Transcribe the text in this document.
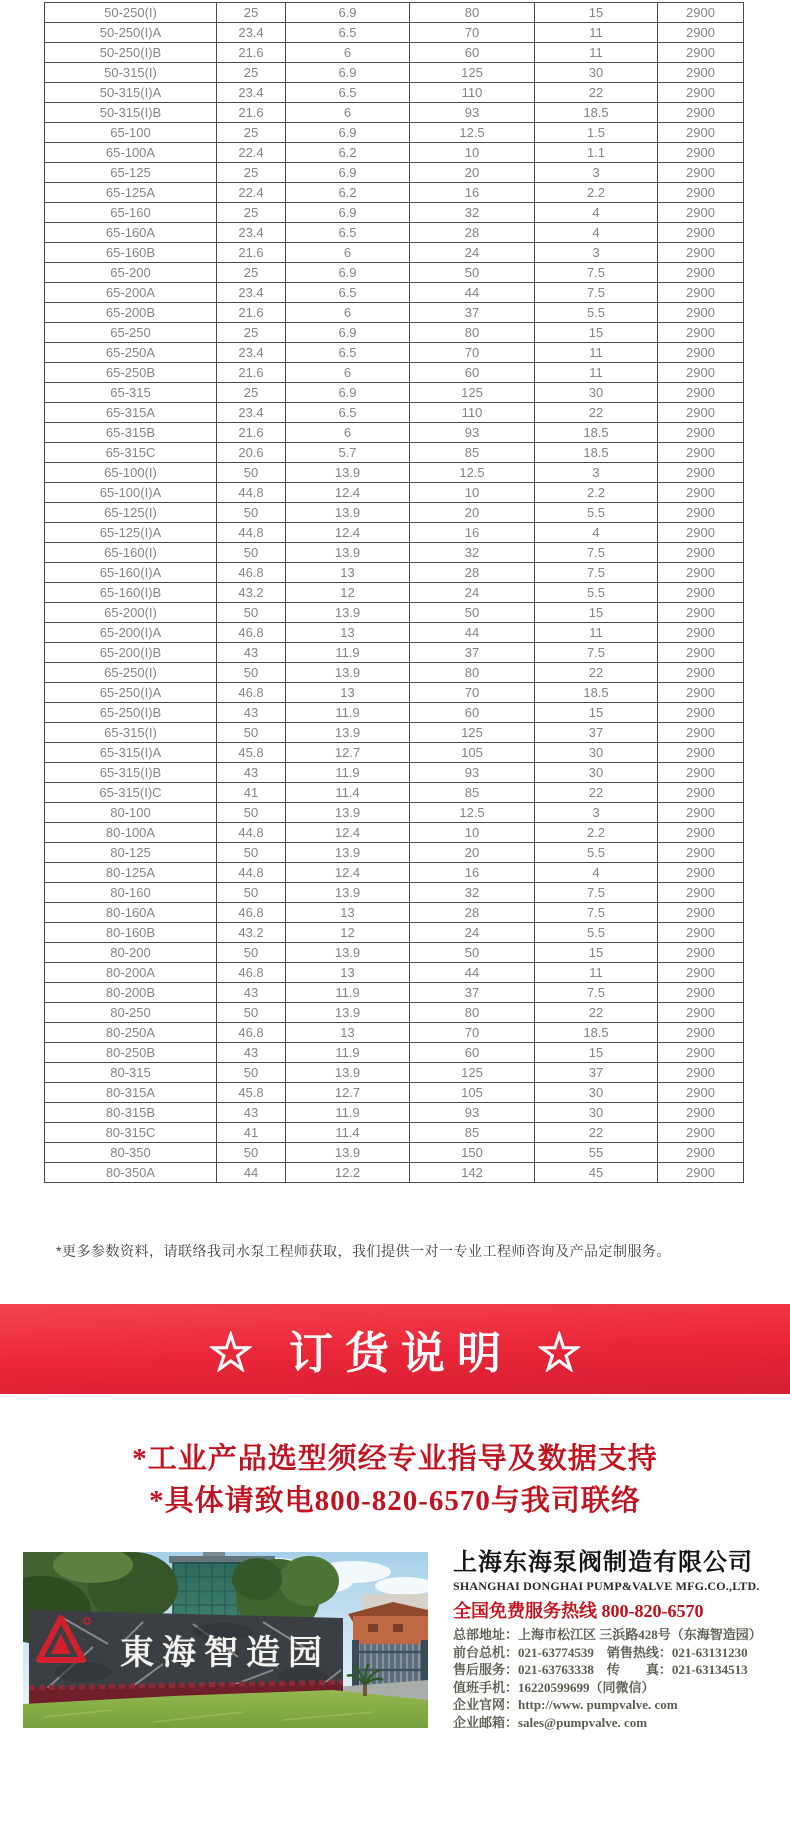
50-250(I)	25	6.9	80	15	2900
50-250(I)A	23.4	6.5	70	11	2900
50-250(I)B	21.6	6	60	11	2900
50-315(I)	25	6.9	125	30	2900
50-315(I)A	23.4	6.5	110	22	2900
50-315(I)B	21.6	6	93	18.5	2900
65-100	25	6.9	12.5	1.5	2900
65-100A	22.4	6.2	10	1.1	2900
65-125	25	6.9	20	3	2900
65-125A	22.4	6.2	16	2.2	2900
65-160	25	6.9	32	4	2900
65-160A	23.4	6.5	28	4	2900
65-160B	21.6	6	24	3	2900
65-200	25	6.9	50	7.5	2900
65-200A	23.4	6.5	44	7.5	2900
65-200B	21.6	6	37	5.5	2900
65-250	25	6.9	80	15	2900
65-250A	23.4	6.5	70	11	2900
65-250B	21.6	6	60	11	2900
65-315	25	6.9	125	30	2900
65-315A	23.4	6.5	110	22	2900
65-315B	21.6	6	93	18.5	2900
65-315C	20.6	5.7	85	18.5	2900
65-100(I)	50	13.9	12.5	3	2900
65-100(I)A	44.8	12.4	10	2.2	2900
65-125(I)	50	13.9	20	5.5	2900
65-125(I)A	44.8	12.4	16	4	2900
65-160(I)	50	13.9	32	7.5	2900
65-160(I)A	46.8	13	28	7.5	2900
65-160(I)B	43.2	12	24	5.5	2900
65-200(I)	50	13.9	50	15	2900
65-200(I)A	46.8	13	44	11	2900
65-200(I)B	43	11.9	37	7.5	2900
65-250(I)	50	13.9	80	22	2900
65-250(I)A	46.8	13	70	18.5	2900
65-250(I)B	43	11.9	60	15	2900
65-315(I)	50	13.9	125	37	2900
65-315(I)A	45.8	12.7	105	30	2900
65-315(I)B	43	11.9	93	30	2900
65-315(I)C	41	11.4	85	22	2900
80-100	50	13.9	12.5	3	2900
80-100A	44.8	12.4	10	2.2	2900
80-125	50	13.9	20	5.5	2900
80-125A	44.8	12.4	16	4	2900
80-160	50	13.9	32	7.5	2900
80-160A	46.8	13	28	7.5	2900
80-160B	43.2	12	24	5.5	2900
80-200	50	13.9	50	15	2900
80-200A	46.8	13	44	11	2900
80-200B	43	11.9	37	7.5	2900
80-250	50	13.9	80	22	2900
80-250A	46.8	13	70	18.5	2900
80-250B	43	11.9	60	15	2900
80-315	50	13.9	125	37	2900
80-315A	45.8	12.7	105	30	2900
80-315B	43	11.9	93	30	2900
80-315C	41	11.4	85	22	2900
80-350	50	13.9	150	55	2900
80-350A	44	12.2	142	45	2900
*更多参数资料，请联络我司水泵工程师获取，我们提供一对一专业工程师咨询及产品定制服务。
☆ 订货说明 ☆
*工业产品选型须经专业指导及数据支持
*具体请致电800-820-6570与我司联络
東海智造园
上海东海泵阀制造有限公司
SHANGHAI DONGHAI PUMP&VALVE MFG.CO.,LTD.
全国免费服务热线 800-820-6570
总部地址：上海市松江区 三浜路428号（东海智造园）
前台总机：021-63774539　销售热线：021-63131230
售后服务：021-63763338　传　　真：021-63134513
值班手机：16220599699（同微信）
企业官网：http://www. pumpvalve. com
企业邮箱：sales@pumpvalve. com
